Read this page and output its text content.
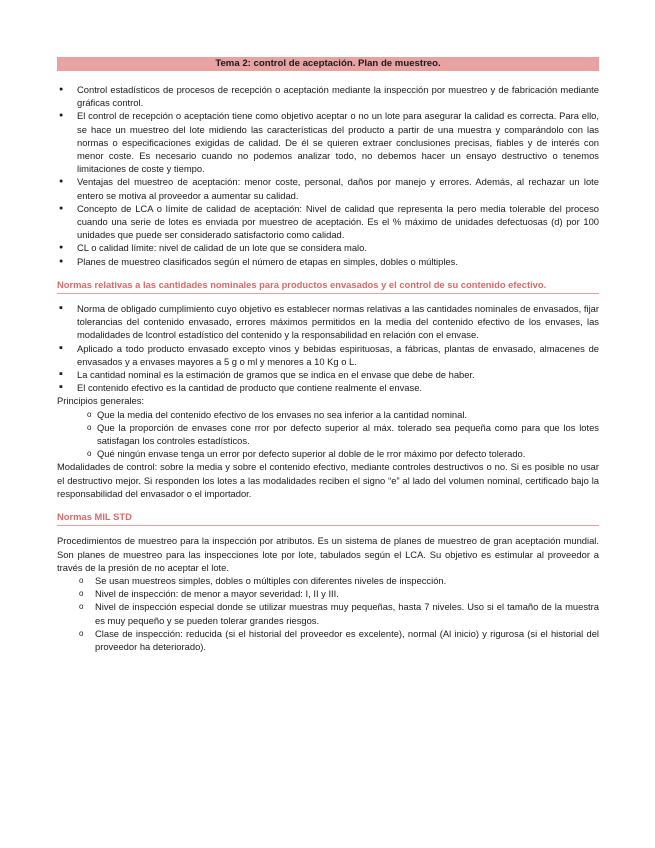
Tema 2: control de aceptación. Plan de muestreo.
● Control estadísticos de procesos de recepción o aceptación mediante la inspección por muestreo y de fabricación mediante gráficas control.
● El control de recepción o aceptación tiene como objetivo aceptar o no un lote para asegurar la calidad es correcta. Para ello, se hace un muestreo del lote midiendo las características del producto a partir de una muestra y comparándolo con las normas o especificaciones exigidas de calidad. De él se quieren extraer conclusiones precisas, fiables y de interés con menor coste. Es necesario cuando no podemos analizar todo, no debemos hacer un ensayo destructivo o tenemos limitaciones de coste y tiempo.
● Ventajas del muestreo de aceptación: menor coste, personal, daños por manejo y errores. Además, al rechazar un lote entero se motiva al proveedor a aumentar su calidad.
● Concepto de LCA o límite de calidad de aceptación: Nivel de calidad que representa la pero media tolerable del proceso cuando una serie de lotes es enviada por muestreo de aceptación. Es el % máximo de unidades defectuosas (d) por 100 unidades que puede ser considerado satisfactorio como calidad.
● CL o calidad límite: nivel de calidad de un lote que se considera malo.
● Planes de muestreo clasificados según el número de etapas en simples, dobles o múltiples.
Normas relativas a las cantidades nominales para productos envasados y el control de su contenido efectivo.
▪ Norma de obligado cumplimiento cuyo objetivo es establecer normas relativas a las cantidades nominales de envasados, fijar tolerancias del contenido envasado, errores máximos permitidos en la media del contenido efectivo de los envases, las modalidades de lcontrol estadístico del contenido y la responsabilidad en relación con el envase.
▪ Aplicado a todo producto envasado excepto vinos y bebidas espirituosas, a fábricas, plantas de envasado, almacenes de envasados y a envases mayores a 5 g o ml y menores a 10 Kg o L.
▪ La cantidad nominal es la estimación de gramos que se indica en el envase que debe de haber.
▪ El contenido efectivo es la cantidad de producto que contiene realmente el envase.

Principios generales:

o Que la media del contenido efectivo de los envases no sea inferior a la cantidad nominal.
o Que la proporción de envases cone rror por defecto superior al máx. tolerado sea pequeña como para que los lotes satisfagan los controles estadísticos.
o Qué ningún envase tenga un error por defecto superior al doble de le rror máximo por defecto tolerado.

Modalidades de control: sobre la media y sobre el contenido efectivo, mediante controles destructivos o no. Si es posible no usar el destructivo mejor. Si responden los lotes a las modalidades reciben el signo “e” al lado del volumen nominal, certificado bajo la responsabilidad del envasador o el importador.

Normas MIL STD

Procedimientos de muestreo para la inspección por atributos. Es un sistema de planes de muestreo de gran aceptación mundial. Son planes de muestreo para las inspecciones lote por lote, tabulados según el LCA. Su objetivo es estimular al proveedor a través de la presión de no aceptar el lote.

o Se usan muestreos simples, dobles o múltiples con diferentes niveles de inspección.
o Nivel de inspección: de menor a mayor severidad: I, II y III.
o Nivel de inspección especial donde se utilizar muestras muy pequeñas, hasta 7 niveles. Uso si el tamaño de la muestra es muy pequeño y se pueden tolerar grandes riesgos.
o Clase de inspección: reducida (si el historial del proveedor es excelente), normal (Al inicio) y rigurosa (si el historial del proveedor ha deteriorado).
